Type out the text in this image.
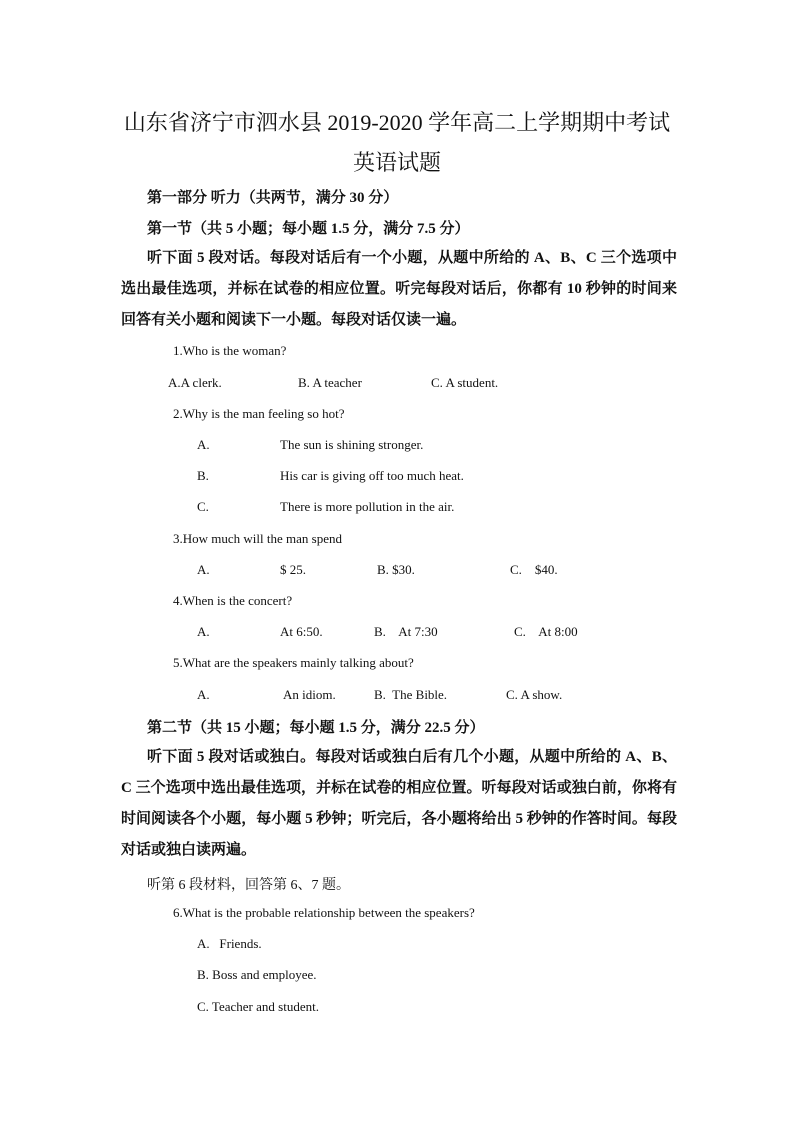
山东省济宁市泗水县 2019-2020 学年高二上学期期中考试
英语试题
第一部分 听力（共两节，满分 30 分）
第一节（共 5 小题；每小题 1.5 分，满分 7.5 分）
听下面 5 段对话。每段对话后有一个小题，从题中所给的 A、B、C 三个选项中选出最佳选项，并标在试卷的相应位置。听完每段对话后，你都有 10 秒钟的时间来回答有关小题和阅读下一小题。每段对话仅读一遍。
1.Who is the woman?
A.A clerk.	B. A teacher	C. A student.
2.Why is the man feeling so hot?
A.	The sun is shining stronger.
B.	His car is giving off too much heat.
C.	There is more pollution in the air.
3.How much will the man spend
A.	$ 25.	B. $30.	C.    $40.
4.When is the concert?
A.	At 6:50.	B.    At 7:30	C.    At 8:00
5.What are the speakers mainly talking about?
A.	An idiom.	B.  The Bible.	C. A show.
第二节（共 15 小题；每小题 1.5 分，满分 22.5 分）
听下面 5 段对话或独白。每段对话或独白后有几个小题，从题中所给的 A、B、C 三个选项中选出最佳选项，并标在试卷的相应位置。听每段对话或独白前，你将有时间阅读各个小题，每小题 5 秒钟；听完后，各小题将给出 5 秒钟的作答时间。每段对话或独白读两遍。
听第 6 段材料，回答第 6、7 题。
6.What is the probable relationship between the speakers?
A.   Friends.
B. Boss and employee.
C. Teacher and student.
